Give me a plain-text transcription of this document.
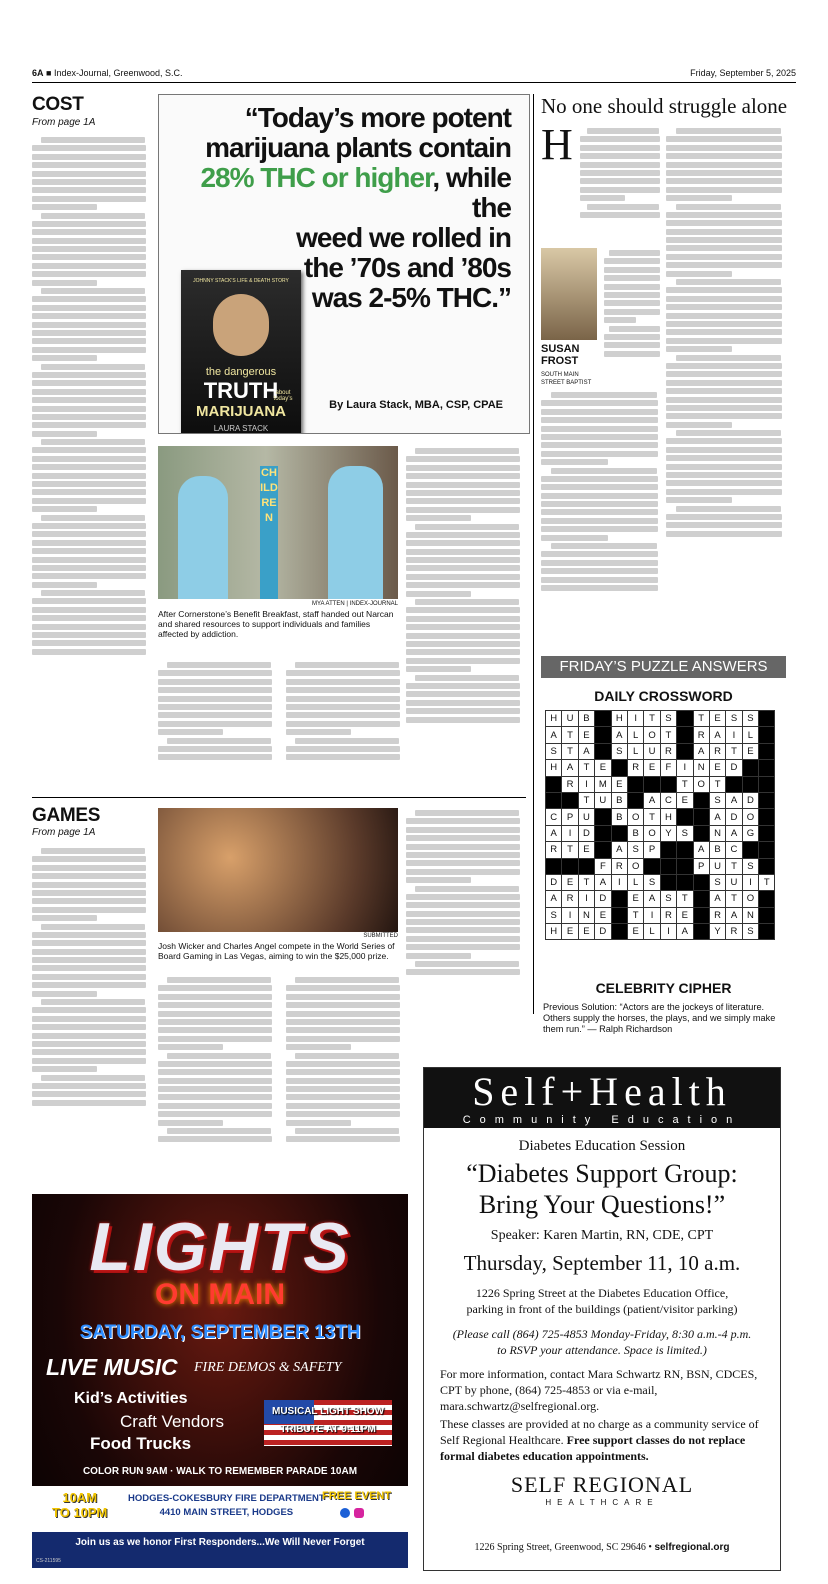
6A ■ Index-Journal, Greenwood, S.C.	Friday, September 5, 2025
COST
From page 1A	“Today’s more potent
marijuana plants contain
28% THC or higher, while the
weed we rolled in
the ’70s and ’80s
was 2-5% THC.”
JOHNNY STACK’S LIFE & DEATH STORY
the dangerous
TRUTH
about today’s
MARIJUANA
LAURA STACK
By Laura Stack, MBA, CSP, CPAE
CHILDREN
MYA ATTEN | INDEX-JOURNAL
After Cornerstone’s Benefit Breakfast, staff handed out Narcan and shared resources to support individuals and families affected by addiction.
No one should struggle alone
H
SUSAN
FROST
SOUTH MAIN
STREET BAPTIST
GAMES
From page 1A
SUBMITTED
Josh Wicker and Charles Angel compete in the World Series of Board Gaming in Las Vegas, aiming to win the $25,000 prize.
FRIDAY’S PUZZLE ANSWERS
DAILY CROSSWORD
H	U	B		H	I	T	S		T	E	S	S	
A	T	E		A	L	O	T		R	A	I	L	
S	T	A		S	L	U	R		A	R	T	E	
H	A	T	E		R	E	F	I	N	E	D		
	R	I	M	E				T	O	T			
		T	U	B		A	C	E		S	A	D	
C	P	U		B	O	T	H			A	D	O	
A	I	D			B	O	Y	S		N	A	G	
R	T	E		A	S	P			A	B	C		
			F	R	O				P	U	T	S	
D	E	T	A	I	L	S				S	U	I	T
A	R	I	D		E	A	S	T		A	T	O	
S	I	N	E		T	I	R	E		R	A	N	
H	E	E	D		E	L	I	A		Y	R	S	
CELEBRITY CIPHER
Previous Solution: “Actors are the jockeys of literature. Others supply the horses, the plays, and we simply make them run.” — Ralph Richardson
LIGHTS
ON MAIN
SATURDAY, SEPTEMBER 13TH
LIVE MUSIC FIRE DEMOS & SAFETY
Kid’s Activities
Craft Vendors
Food Trucks
MUSICAL LIGHT SHOW
TRIBUTE AT 9:11PM
COLOR RUN 9AM · WALK TO REMEMBER PARADE 10AM
10AM
TO 10PM
HODGES-COKESBURY FIRE DEPARTMENT
4410 MAIN STREET, HODGES
FREE EVENT
Join us as we honor First Responders...We Will Never Forget
CS-211595
Self+Health
Community Education
Diabetes Education Session
“Diabetes Support Group:
Bring Your Questions!”
Speaker: Karen Martin, RN, CDE, CPT
Thursday, September 11, 10 a.m.
1226 Spring Street at the Diabetes Education Office,
parking in front of the buildings (patient/visitor parking)
(Please call (864) 725-4853 Monday-Friday, 8:30 a.m.-4 p.m.
to RSVP your attendance. Space is limited.)
For more information, contact Mara Schwartz RN, BSN, CDCES, CPT by phone, (864) 725-4853 or via e-mail, mara.schwartz@selfregional.org.
These classes are provided at no charge as a community service of Self Regional Healthcare. Free support classes do not replace formal diabetes education appointments.
SELF REGIONAL
HEALTHCARE
1226 Spring Street, Greenwood, SC 29646 • selfregional.org
